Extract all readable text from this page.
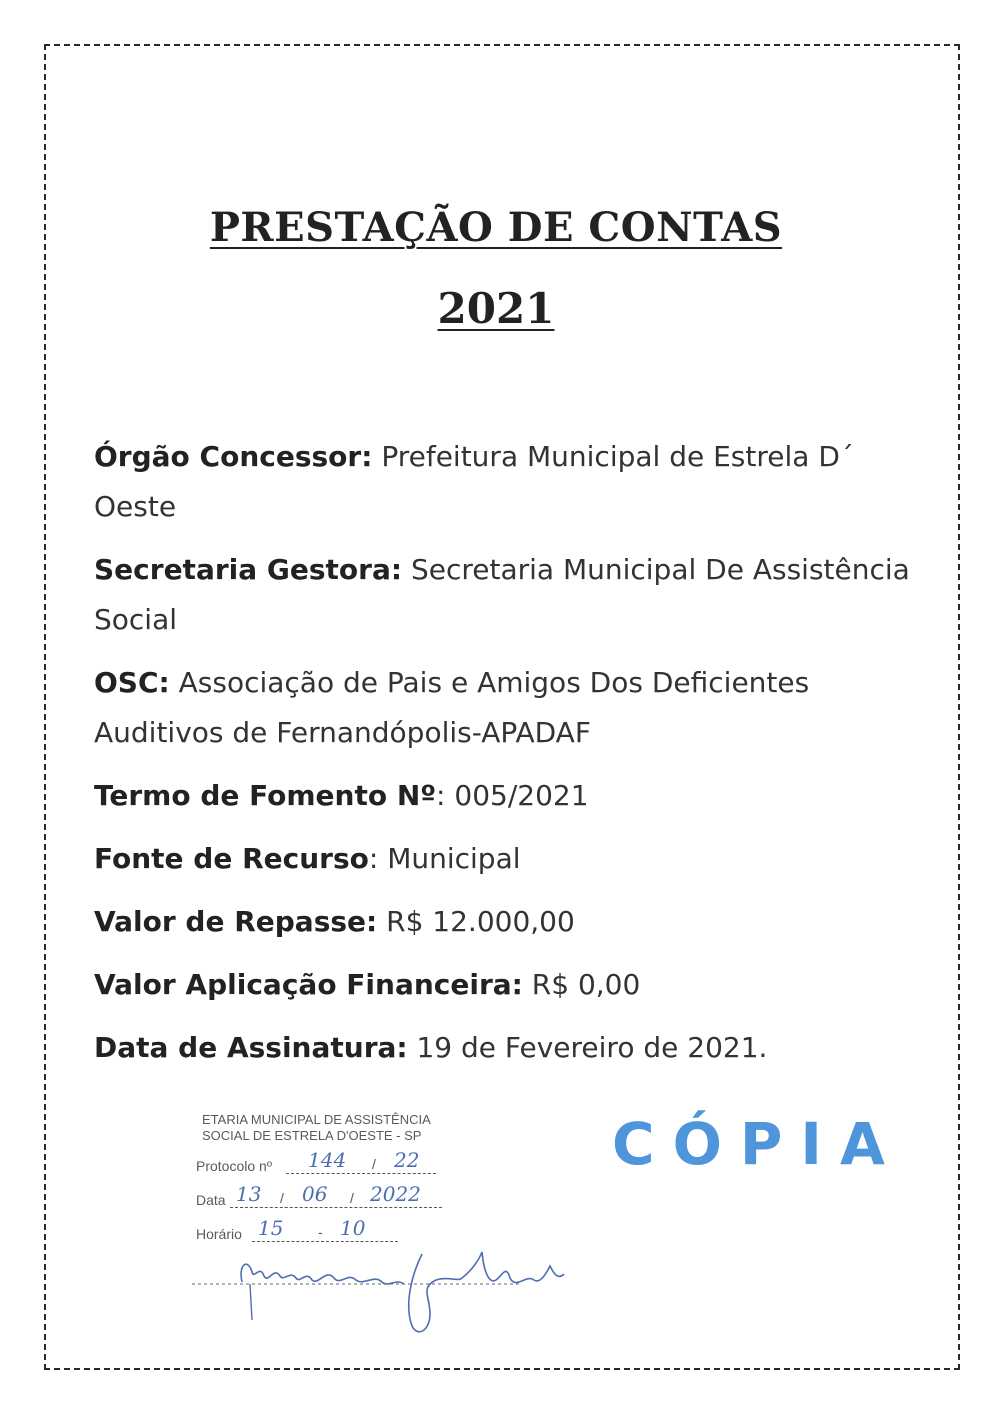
PRESTAÇÃO DE CONTAS
2021
Órgão Concessor: Prefeitura Municipal de Estrela D´ Oeste
Secretaria Gestora: Secretaria Municipal De Assistência Social
OSC: Associação de Pais e Amigos Dos Deficientes Auditivos de Fernandópolis-APADAF
Termo de Fomento Nº: 005/2021
Fonte de Recurso: Municipal
Valor de Repasse: R$ 12.000,00
Valor Aplicação Financeira: R$ 0,00
Data de Assinatura: 19 de Fevereiro de 2021.
ETARIA MUNICIPAL DE ASSISTÊNCIA
SOCIAL DE ESTRELA D'OESTE - SP
Protocolo nº 144 / 22
Data 13 / 06 / 2022
Horário 15 - 10
CÓPIA
